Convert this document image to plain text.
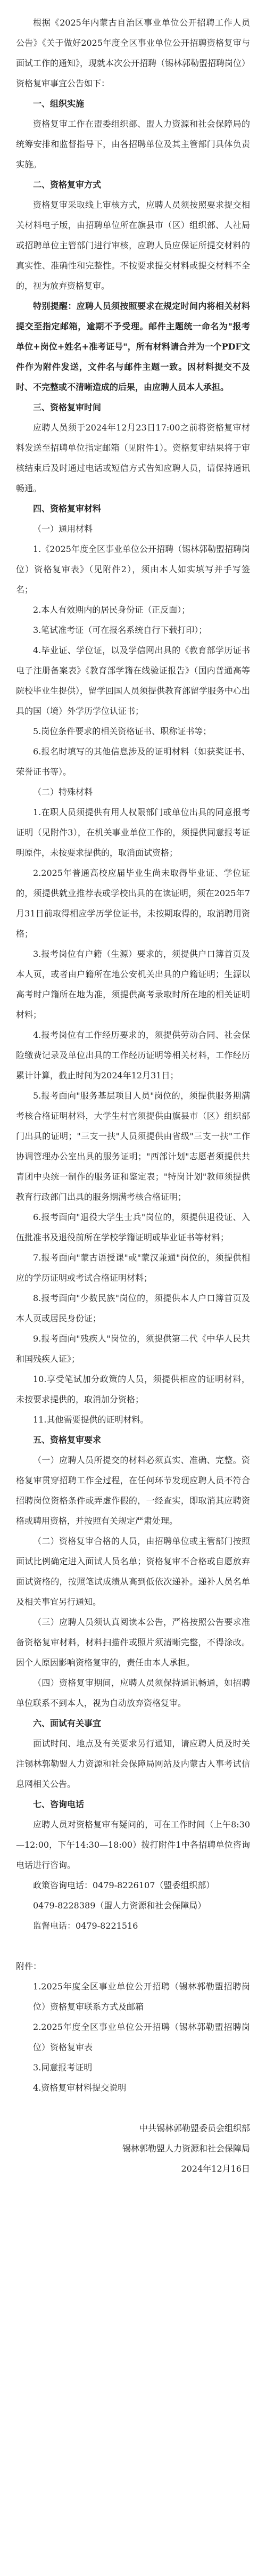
根据《2025年内蒙古自治区事业单位公开招聘工作人员公告》《关于做好2025年度全区事业单位公开招聘资格复审与面试工作的通知》，现就本次公开招聘（锡林郭勒盟招聘岗位）资格复审事宜公告如下：

一、组织实施

资格复审工作在盟委组织部、盟人力资源和社会保障局的统筹安排和监督指导下，由各招聘单位及其主管部门具体负责实施。

二、资格复审方式

资格复审采取线上审核方式，应聘人员须按照要求提交相关材料电子版，由招聘单位所在旗县市（区）组织部、人社局或招聘单位主管部门进行审核，应聘人员应保证所提交材料的真实性、准确性和完整性。不按要求提交材料或提交材料不全的，视为放弃资格复审。

特别提醒：应聘人员须按照要求在规定时间内将相关材料提交至指定邮箱，逾期不予受理。邮件主题统一命名为"报考单位+岗位+姓名+准考证号"，所有材料请合并为一个PDF文件作为附件发送，文件名与邮件主题一致。因材料提交不及时、不完整或不清晰造成的后果，由应聘人员本人承担。

三、资格复审时间

应聘人员须于2024年12月23日17:00之前将资格复审材料发送至招聘单位指定邮箱（见附件1）。资格复审结果将于审核结束后及时通过电话或短信方式告知应聘人员，请保持通讯畅通。

四、资格复审材料

（一）通用材料

1.《2025年度全区事业单位公开招聘（锡林郭勒盟招聘岗位）资格复审表》（见附件2），须由本人如实填写并手写签名；

2.本人有效期内的居民身份证（正反面）；

3.笔试准考证（可在报名系统自行下载打印）；

4.毕业证、学位证，以及学信网出具的《教育部学历证书电子注册备案表》《教育部学籍在线验证报告》（国内普通高等院校毕业生提供），留学回国人员须提供教育部留学服务中心出具的国（境）外学历学位认证书；

5.岗位条件要求的相关资格证书、职称证书等；

6.报名时填写的其他信息涉及的证明材料（如获奖证书、荣誉证书等）。

（二）特殊材料

1.在职人员须提供有用人权限部门或单位出具的同意报考证明（见附件3），在机关事业单位工作的，须提供同意报考证明原件，未按要求提供的，取消面试资格；

2.2025年普通高校应届毕业生尚未取得毕业证、学位证的，须提供就业推荐表或学校出具的在读证明，须在2025年7月31日前取得相应学历学位证书，未按期取得的，取消聘用资格；

3.报考岗位有户籍（生源）要求的，须提供户口簿首页及本人页，或者由户籍所在地公安机关出具的户籍证明；生源以高考时户籍所在地为准，须提供高考录取时所在地的相关证明材料；

4.报考岗位有工作经历要求的，须提供劳动合同、社会保险缴费记录及单位出具的工作经历证明等相关材料，工作经历累计计算，截止时间为2024年12月31日；

5.报考面向"服务基层项目人员"岗位的，须提供服务期满考核合格证明材料，大学生村官须提供由旗县市（区）组织部门出具的证明；"三支一扶"人员须提供由省级"三支一扶"工作协调管理办公室出具的服务证明；"西部计划"志愿者须提供共青团中央统一制作的服务证和鉴定表；"特岗计划"教师须提供教育行政部门出具的服务期满考核合格证明；

6.报考面向"退役大学生士兵"岗位的，须提供退役证、入伍批准书及退役前所在学校学籍证明或毕业证书等材料；

7.报考面向"蒙古语授课"或"蒙汉兼通"岗位的，须提供相应的学历证明或考试合格证明材料；

8.报考面向"少数民族"岗位的，须提供本人户口簿首页及本人页或居民身份证；

9.报考面向"残疾人"岗位的，须提供第二代《中华人民共和国残疾人证》；

10.享受笔试加分政策的人员，须提供相应的证明材料，未按要求提供的，取消加分资格；

11.其他需要提供的证明材料。

五、资格复审要求

（一）应聘人员所提交的材料必须真实、准确、完整。资格复审贯穿招聘工作全过程，在任何环节发现应聘人员不符合招聘岗位资格条件或弄虚作假的，一经查实，即取消其应聘资格或聘用资格，并按照有关规定严肃处理。

（二）资格复审合格的人员，由招聘单位或主管部门按照面试比例确定进入面试人员名单；资格复审不合格或自愿放弃面试资格的，按照笔试成绩从高到低依次递补。递补人员名单及相关事宜另行通知。

（三）应聘人员须认真阅读本公告，严格按照公告要求准备资格复审材料，材料扫描件或照片须清晰完整，不得涂改。因个人原因影响资格复审的，责任由本人承担。

（四）资格复审期间，应聘人员须保持通讯畅通，如招聘单位联系不到本人，视为自动放弃资格复审。

六、面试有关事宜

面试时间、地点及有关要求另行通知，请应聘人员及时关注锡林郭勒盟人力资源和社会保障局网站及内蒙古人事考试信息网相关公告。

七、咨询电话

应聘人员对资格复审有疑问的，可在工作时间（上午8:30—12:00，下午14:30—18:00）拨打附件1中各招聘单位咨询电话进行咨询。

政策咨询电话：0479-8226107（盟委组织部）

0479-8228389（盟人力资源和社会保障局）

监督电话：0479-8221516

附件：

1.2025年度全区事业单位公开招聘（锡林郭勒盟招聘岗位）资格复审联系方式及邮箱

2.2025年度全区事业单位公开招聘（锡林郭勒盟招聘岗位）资格复审表

3.同意报考证明

4.资格复审材料提交说明

中共锡林郭勒盟委员会组织部

锡林郭勒盟人力资源和社会保障局

2024年12月16日
